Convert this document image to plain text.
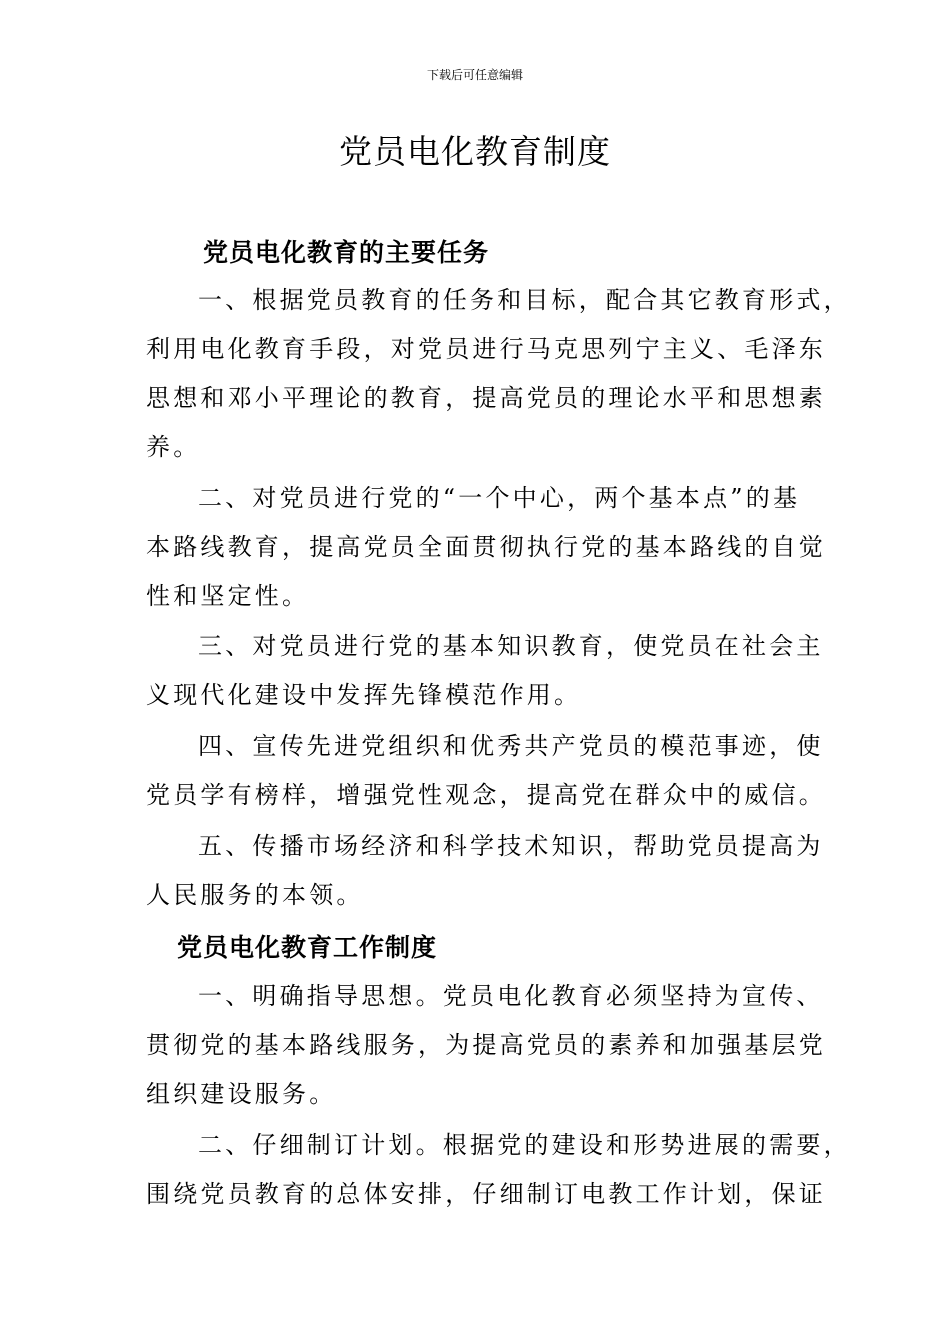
下载后可任意编辑
党员电化教育制度
党员电化教育的主要任务
一、根据党员教育的任务和目标，配合其它教育形式，
利用电化教育手段，对党员进行马克思列宁主义、毛泽东
思想和邓小平理论的教育，提高党员的理论水平和思想素
养。
二、对党员进行党的“一个中心，两个基本点”的基
本路线教育，提高党员全面贯彻执行党的基本路线的自觉
性和坚定性。
三、对党员进行党的基本知识教育，使党员在社会主
义现代化建设中发挥先锋模范作用。
四、宣传先进党组织和优秀共产党员的模范事迹，使
党员学有榜样，增强党性观念，提高党在群众中的威信。
五、传播市场经济和科学技术知识，帮助党员提高为
人民服务的本领。
党员电化教育工作制度
一、明确指导思想。党员电化教育必须坚持为宣传、
贯彻党的基本路线服务，为提高党员的素养和加强基层党
组织建设服务。
二、仔细制订计划。根据党的建设和形势进展的需要，
围绕党员教育的总体安排，仔细制订电教工作计划，保证
